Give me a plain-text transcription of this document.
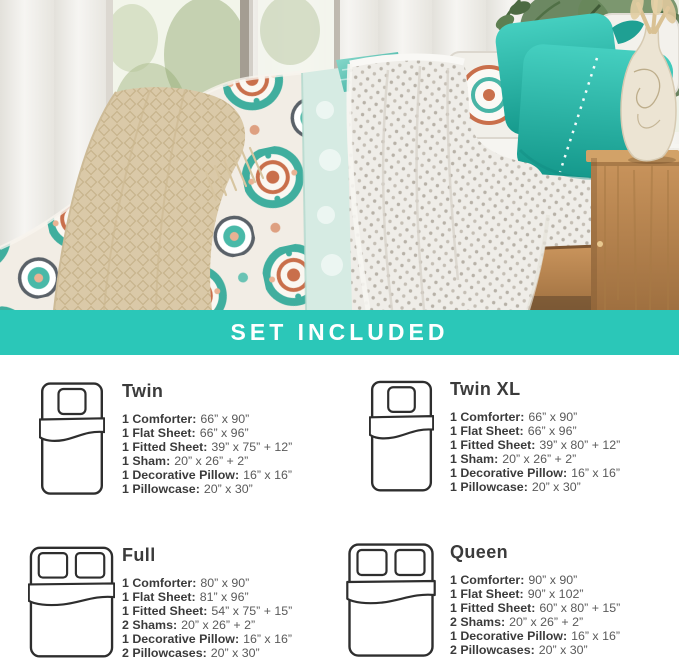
SET INCLUDED
Twin
1 Comforter: 66” x 90”
1 Flat Sheet: 66” x 96”
1 Fitted Sheet: 39” x 75” + 12”
1 Sham: 20” x 26” + 2”
1 Decorative Pillow: 16” x 16”
1 Pillowcase: 20” x 30”
Twin XL
1 Comforter: 66” x 90”
1 Flat Sheet: 66” x 96”
1 Fitted Sheet: 39” x 80” + 12”
1 Sham: 20” x 26” + 2”
1 Decorative Pillow: 16” x 16”
1 Pillowcase: 20” x 30”
Full
1 Comforter: 80” x 90”
1 Flat Sheet: 81” x 96”
1 Fitted Sheet: 54” x 75” + 15”
2 Shams: 20” x 26” + 2”
1 Decorative Pillow: 16” x 16”
2 Pillowcases: 20” x 30”
Queen
1 Comforter: 90” x 90”
1 Flat Sheet: 90” x 102”
1 Fitted Sheet: 60” x 80” + 15”
2 Shams: 20” x 26” + 2”
1 Decorative Pillow: 16” x 16”
2 Pillowcases: 20” x 30”
